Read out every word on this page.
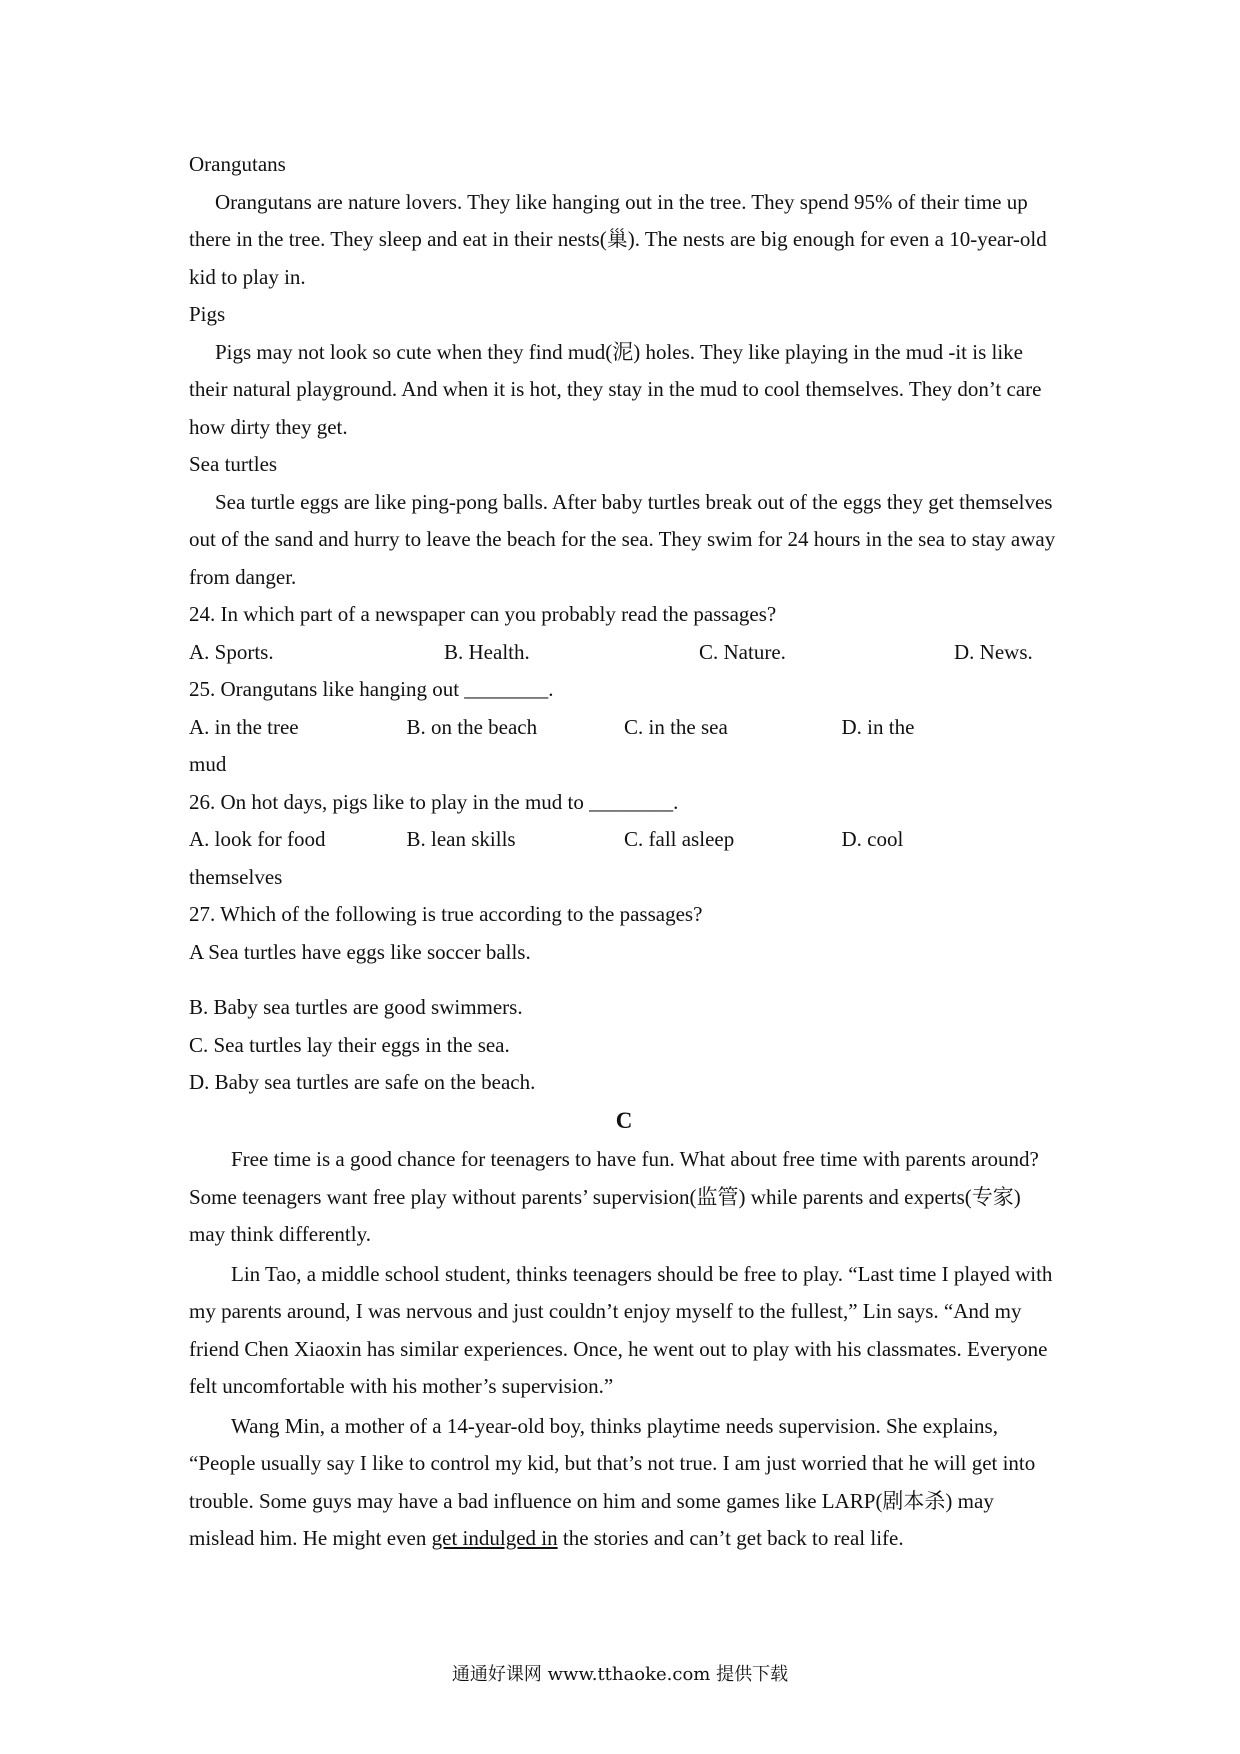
Orangutans

Orangutans are nature lovers. They like hanging out in the tree. They spend 95% of their time up there in the tree. They sleep and eat in their nests(巢). The nests are big enough for even a 10-year-old kid to play in.

Pigs

Pigs may not look so cute when they find mud(泥) holes. They like playing in the mud -it is like their natural playground. And when it is hot, they stay in the mud to cool themselves. They don’t care how dirty they get.

Sea turtles

Sea turtle eggs are like ping-pong balls. After baby turtles break out of the eggs they get themselves out of the sand and hurry to leave the beach for the sea. They swim for 24 hours in the sea to stay away from danger.

24. In which part of a newspaper can you probably read the passages?

A. Sports.	B. Health.	C. Nature.	D. News.

25. Orangutans like hanging out ________.

A. in the tree	B. on the beach	C. in the sea	D. in the
mud

26. On hot days, pigs like to play in the mud to ________.

A. look for food	B. lean skills	C. fall asleep	D. cool
themselves

27. Which of the following is true according to the passages?

A Sea turtles have eggs like soccer balls.

B. Baby sea turtles are good swimmers.

C. Sea turtles lay their eggs in the sea.

D. Baby sea turtles are safe on the beach.

C

Free time is a good chance for teenagers to have fun. What about free time with parents around? Some teenagers want free play without parents’ supervision(监管) while parents and experts(专家) may think differently.

Lin Tao, a middle school student, thinks teenagers should be free to play. “Last time I played with my parents around, I was nervous and just couldn’t enjoy myself to the fullest,” Lin says. “And my friend Chen Xiaoxin has similar experiences. Once, he went out to play with his classmates. Everyone felt uncomfortable with his mother’s supervision.”

Wang Min, a mother of a 14-year-old boy, thinks playtime needs supervision. She explains, “People usually say I like to control my kid, but that’s not true. I am just worried that he will get into trouble. Some guys may have a bad influence on him and some games like LARP(剧本杀) may mislead him. He might even get indulged in the stories and can’t get back to real life.

通通好课网 www.tthaoke.com 提供下载
